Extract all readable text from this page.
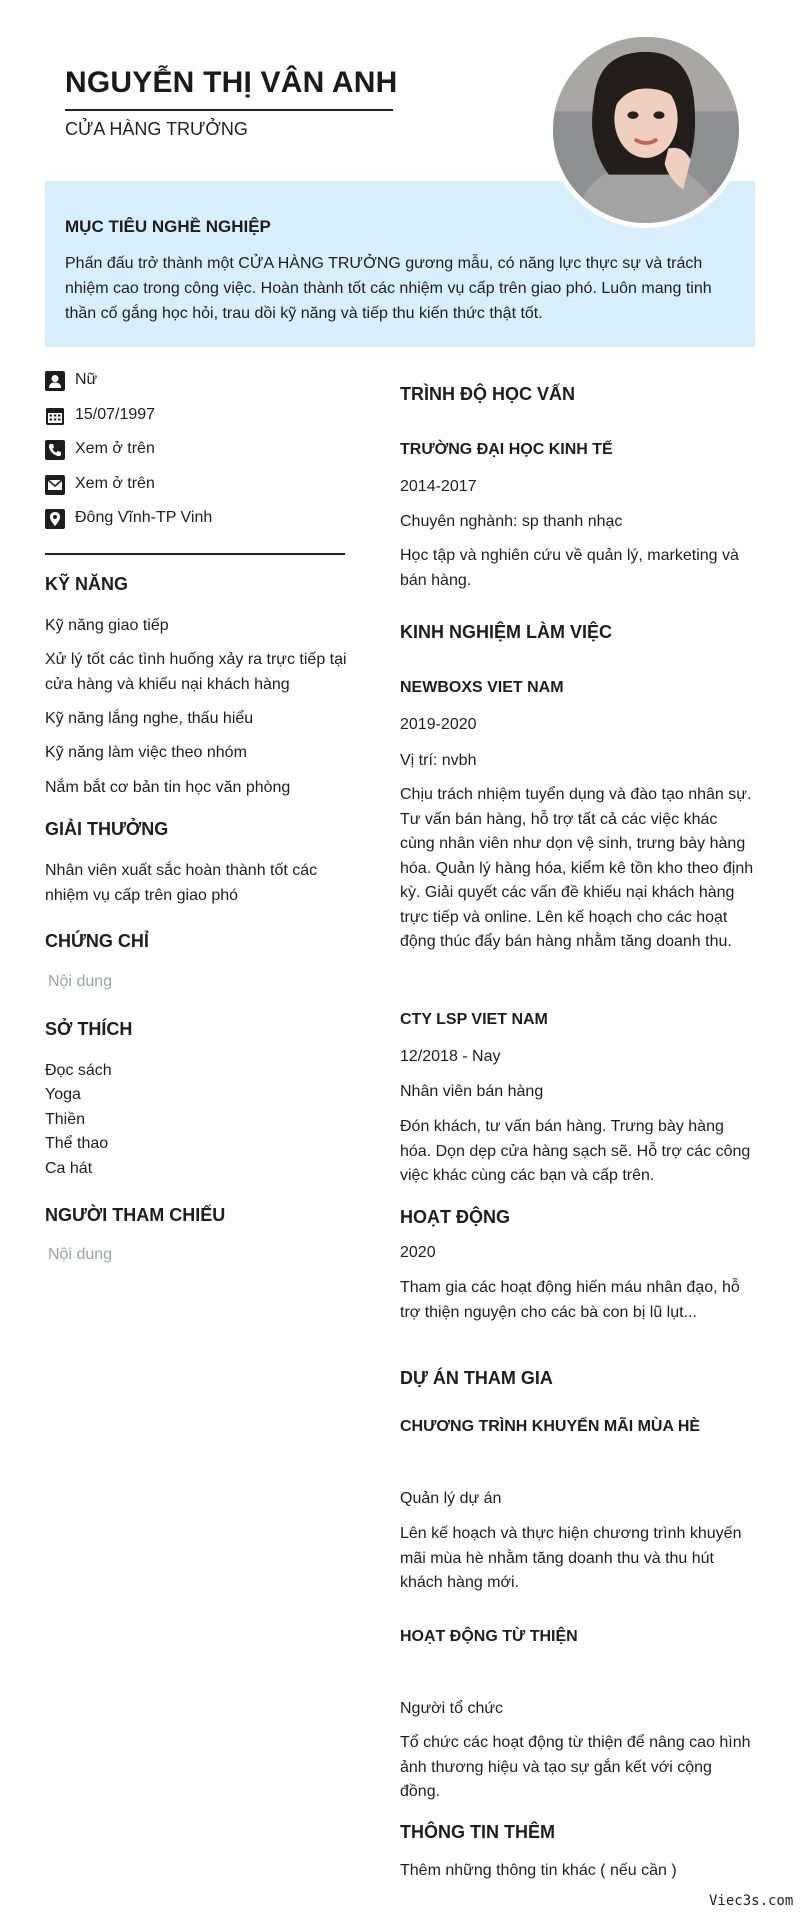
NGUYỄN THỊ VÂN ANH
CỬA HÀNG TRƯỞNG
MỤC TIÊU NGHỀ NGHIỆP

Phấn đấu trở thành một CỬA HÀNG TRƯỞNG gương mẫu, có năng lực thực sự và trách nhiệm cao trong công việc. Hoàn thành tốt các nhiệm vụ cấp trên giao phó. Luôn mang tinh thần cố gắng học hỏi, trau dồi kỹ năng và tiếp thu kiến thức thật tốt.

Nữ
15/07/1997
Xem ở trên
Xem ở trên
Đông Vĩnh-TP Vinh
KỸ NĂNG
Kỹ năng giao tiếp
Xử lý tốt các tình huống xảy ra trực tiếp tại cửa hàng và khiếu nại khách hàng
Kỹ năng lắng nghe, thấu hiểu
Kỹ năng làm việc theo nhóm
Nắm bắt cơ bản tin học văn phòng
GIẢI THƯỞNG
Nhân viên xuất sắc hoàn thành tốt các nhiệm vụ cấp trên giao phó
CHỨNG CHỈ
Nội dung
SỞ THÍCH
Đọc sách
Yoga
Thiền
Thể thao
Ca hát
NGƯỜI THAM CHIẾU
Nội dung
TRÌNH ĐỘ HỌC VẤN
TRƯỜNG ĐẠI HỌC KINH TẾ
2014-2017
Chuyên nghành: sp thanh nhạc
Học tập và nghiên cứu về quản lý, marketing và bán hàng.
KINH NGHIỆM LÀM VIỆC
NEWBOXS VIET NAM
2019-2020
Vị trí: nvbh
Chịu trách nhiệm tuyển dụng và đào tạo nhân sự. Tư vấn bán hàng, hỗ trợ tất cả các việc khác cùng nhân viên như dọn vệ sinh, trưng bày hàng hóa. Quản lý hàng hóa, kiểm kê tồn kho theo định kỳ. Giải quyết các vấn đề khiếu nại khách hàng trực tiếp và online. Lên kế hoạch cho các hoạt động thúc đẩy bán hàng nhằm tăng doanh thu.
CTY LSP VIET NAM
12/2018 - Nay
Nhân viên bán hàng
Đón khách, tư vấn bán hàng. Trưng bày hàng hóa. Dọn dẹp cửa hàng sạch sẽ. Hỗ trợ các công việc khác cùng các bạn và cấp trên.
HOẠT ĐỘNG
2020
Tham gia các hoạt động hiến máu nhân đạo, hỗ trợ thiện nguyện cho các bà con bị lũ lụt...
DỰ ÁN THAM GIA
CHƯƠNG TRÌNH KHUYẾN MÃI MÙA HÈ
Quản lý dự án
Lên kế hoạch và thực hiện chương trình khuyến mãi mùa hè nhằm tăng doanh thu và thu hút khách hàng mới.
HOẠT ĐỘNG TỪ THIỆN
Người tổ chức
Tổ chức các hoạt động từ thiện để nâng cao hình ảnh thương hiệu và tạo sự gắn kết với cộng đồng.
THÔNG TIN THÊM
Thêm những thông tin khác ( nếu cần )
Viec3s.com
